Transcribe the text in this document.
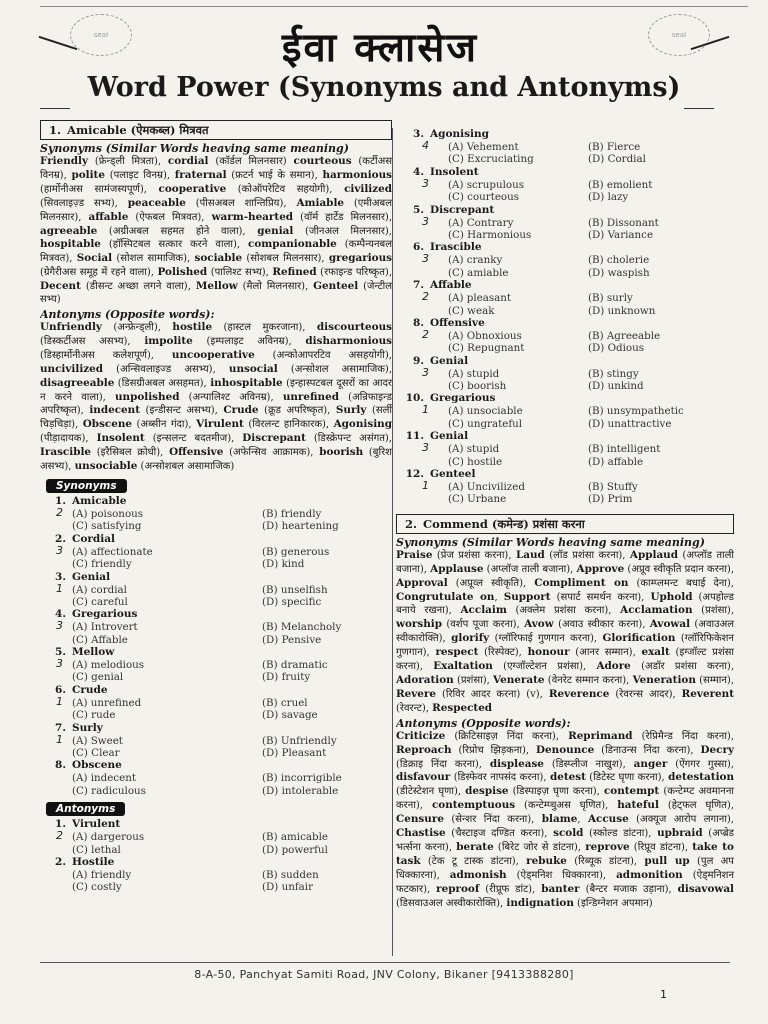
seal	ईवा क्लासेज	seal
Word Power (Synonyms and Antonyms)
1. Amicable (ऐमकब्ल) मित्रवत
Synonyms (Similar Words heaving same meaning)

Friendly (फ्रेन्ड्ली मित्रता), cordial (कॉर्डल मिलनसार) courteous (कर्टीअस विनम्र), polite (पलाइट विनम्र), fraternal (फ्रटर्न भाई के समान), harmonious (हार्मोनीअस सामंजस्यपूर्ण), cooperative (कोऑपरेटिव सहयोगी), civilized (सिवलाइज़्ड सभ्य), peaceable (पीसअबल शान्तिप्रिय), Amiable (एमीअबल मिलनसार), affable (ऐफबल मित्रवत), warm-hearted (वॉर्म हार्टेड मिलनसार), agreeable (अग्रीअबल सहमत होने वाला), genial (जीनअल मिलनसार), hospitable (हॉस्पिटबल सत्कार करने वाला), companionable (कम्पैन्यनबल मित्रवत), Social (सोशल सामाजिक), sociable (सोशबल मिलनसार), gregarious (ग्रेगैरीअस समूह में रहने वाला), Polished (पालिश्ट सभ्य), Refined (रफाइन्ड परिष्कृत), Decent (डीसन्ट अच्छा लगने वाला), Mellow (मैलो मिलनसार), Genteel (जेन्टील सभ्य)

Antonyms (Opposite words):

Unfriendly (अन्फ्रेन्ड्ली), hostile (हास्टल मुकरजाना), discourteous (डिस्कर्टीअस असभ्य), impolite (इम्पलाइट अविनम्र), disharmonious (डिस्हार्मोनीअस कलेशपूर्ण), uncooperative (अन्कोआपरटिव असहयोगी), uncivilized (अन्सिवलाइज्ड असभ्य), unsocial (अन्सोशल असामाजिक), disagreeable (डिसग्रीअबल असहमत), inhospitable (इन्हास्पटबल दूसरों का आदर न करने वाला), unpolished (अन्पालिश्ट अविनम्र), unrefined (अन्रिफाइन्ड अपरिष्कृत), indecent (इन्डीसन्ट असभ्य), Crude (क्रूड अपरिष्कृत), Surly (सर्ली चिड़चिड़ा), Obscene (अब्सीन गंदा), Virulent (विरलन्ट हानिकारक), Agonising (पीड़ादायक), Insolent (इन्सलन्ट बदतमीज), Discrepant (डिस्क्रेपन्ट असंगत), Irascible (इरैसिबल क्रोधी), Offensive (अफेन्सिव आक्रामक), boorish (बुरिश असभ्य), unsociable (अन्सोशबल असामाजिक)

Synonyms
1. Amicable
2 (A) poisonous	(B) friendly
(C) satisfying	(D) heartening
2. Cordial
3 (A) affectionate	(B) generous
(C) friendly	(D) kind
3. Genial
1 (A) cordial	(B) unselfish
(C) careful	(D) specific
4. Gregarious
3 (A) Introvert	(B) Melancholy
(C) Affable	(D) Pensive
5. Mellow
3 (A) melodious	(B) dramatic
(C) genial	(D) fruity
6. Crude
1 (A) unrefined	(B) cruel
(C) rude	(D) savage
7. Surly
1 (A) Sweet	(B) Unfriendly
(C) Clear	(D) Pleasant
8. Obscene
(A) indecent	(B) incorrigible
(C) radiculous	(D) intolerable
Antonyms
1. Virulent
2 (A) dargerous	(B) amicable
(C) lethal	(D) powerful
2. Hostile
(A) friendly	(B) sudden
(C) costly	(D) unfair
3. Agonising
4	(A) Vehement	(B) Fierce
(C) Excruciating	(D) Cordial
4. Insolent
3	(A) scrupulous	(B) emolient
(C) courteous	(D) lazy
5. Discrepant
3	(A) Contrary	(B) Dissonant
(C) Harmonious	(D) Variance
6. Irascible
3	(A) cranky	(B) cholerie
(C) amiable	(D) waspish
7. Affable
2	(A) pleasant	(B) surly
(C) weak	(D) unknown
8. Offensive
2	(A) Obnoxious	(B) Agreeable
(C) Repugnant	(D) Odious
9. Genial
3	(A) stupid	(B) stingy
(C) boorish	(D) unkind
10. Gregarious
1	(A) unsociable	(B) unsympathetic
(C) ungrateful	(D) unattractive
11. Genial
3	(A) stupid	(B) intelligent
(C) hostile	(D) affable
12. Genteel
1	(A) Uncivilized	(B) Stuffy
(C) Urbane	(D) Prim
2. Commend (कमेन्ड) प्रशंसा करना
Synonyms (Similar Words heaving same meaning)

Praise (प्रेज प्रशंसा करना), Laud (लॉड प्रशंसा करना), Applaud (अप्लॉड ताली बजाना), Applause (अप्लॉज ताली बजाना), Approve (अप्रूव स्वीकृति प्रदान करना), Approval (अप्रूव्ल स्वीकृति), Compliment on (काम्प्लमन्ट बधाई देना), Congrutulate on, Support (सपार्ट समर्थन करना), Uphold (अपहोल्ड बनाये रखना), Acclaim (अक्लेम प्रशंसा करना), Acclamation (प्रशंसा), worship (वर्शप पूजा करना), Avow (अवाउ स्वीकार करना), Avowal (अवाउअल स्वीकारोक्ति), glorify (ग्लॉरिफाई गुणगान करना), Glorification (ग्लॉरिफिकेशन गुणगान), respect (रिस्पेक्ट), honour (आनर सम्मान), exalt (इग्जॉल्ट प्रशंसा करना), Exaltation (एग्जॉल्टेशन प्रशंसा), Adore (अडॉर प्रशंसा करना), Adoration (प्रशंसा), Venerate (वेनरेट सम्मान करना), Veneration (सम्मान), Revere (रिविर आदर करना) (v), Reverence (रेवरन्स आदर), Reverent (रेवरन्ट), Respected

Antonyms (Opposite words):

Criticize (क्रिटिसाइज़ निंदा करना), Reprimand (रेप्रिमैन्ड निंदा करना), Reproach (रिप्रोच झिड़कना), Denounce (डिनाउन्स निंदा करना), Decry (डिक्राइ निंदा करना), displease (डिस्प्लीज नाखुश), anger (ऐंगगर गुस्सा), disfavour (डिस्फेवर नापसंद करना), detest (डिटेस्ट घृणा करना), detestation (डीटेस्टेशन घृणा), despise (डिस्पाइज़ घृणा करना), contempt (कन्टेम्प्ट अवमानना करना), contemptuous (कन्टेम्प्चुअस घृणित), hateful (हेट्फल घृणित), Censure (सेन्शर निंदा करना), blame, Accuse (अक्यूज आरोप लगाना), Chastise (चैस्टाइज दण्डित करना), scold (स्कोल्ड डांटना), upbraid (अप्ब्रेड भर्त्सना करना), berate (बिरेट जोर से डांटना), reprove (रिप्रूव डांटना), take to task (टेक टू टास्क डांटना), rebuke (रिब्यूक डांटना), pull up (पुल अप धिक्कारना), admonish (ऐड्मनिश धिक्कारना), admonition (ऐड्मनिशन फटकार), reproof (रीप्रूफ डांट), banter (बैन्टर मजाक उड़ाना), disavowal (डिसवाउअल अस्वीकारोक्ति), indignation (इन्डिग्नेशन अपमान)

8-A-50, Panchyat Samiti Road, JNV Colony, Bikaner [9413388280]
1
